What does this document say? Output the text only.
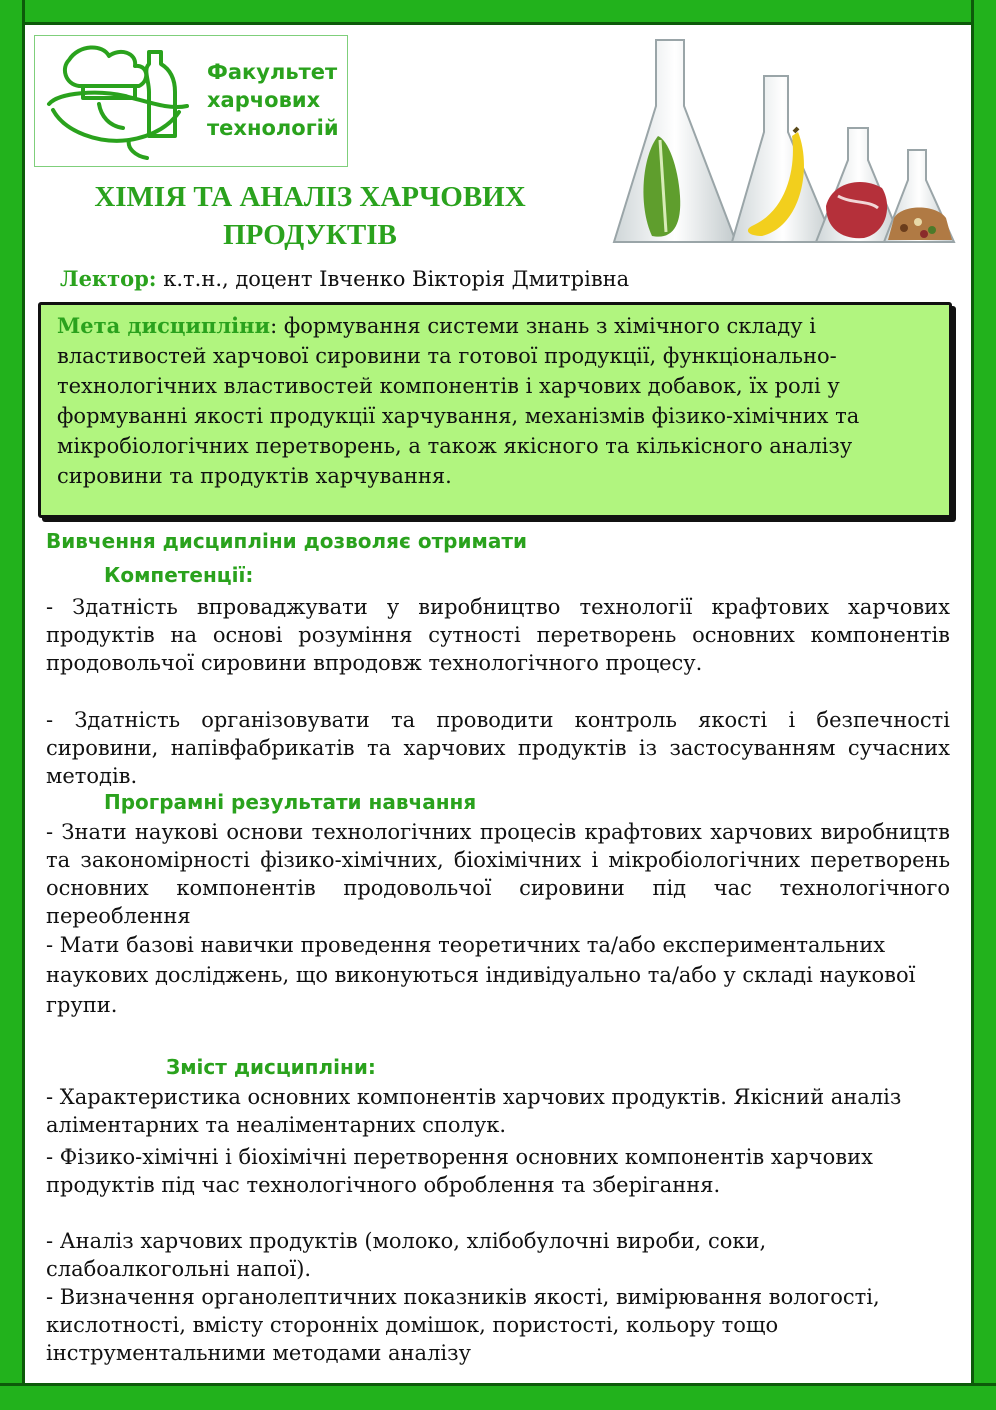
Факультет
харчових
технологій
ХІМІЯ ТА АНАЛІЗ ХАРЧОВИХ
ПРОДУКТІВ
Лектор: к.т.н., доцент Івченко Вікторія Дмитрівна
Мета дисципліни: формування системи знань з хімічного складу і властивостей харчової сировини та готової продукції, функціонально-технологічних властивостей компонентів і харчових добавок, їх ролі у формуванні якості продукції харчування, механізмів фізико-хімічних та мікробіологічних перетворень, а також якісного та кількісного аналізу сировини та продуктів харчування.
Вивчення дисципліни дозволяє отримати
Компетенції:
- Здатність впроваджувати у виробництво технології крафтових харчових продуктів на основі розуміння сутності перетворень основних компонентів продовольчої сировини впродовж технологічного процесу.
- Здатність організовувати та проводити контроль якості і безпечності сировини, напівфабрикатів та харчових продуктів із застосуванням сучасних методів.
Програмні результати навчання
- Знати наукові основи технологічних процесів крафтових харчових виробництв та закономірності фізико-хімічних, біохімічних і мікробіологічних перетворень основних компонентів продовольчої сировини під час технологічного переоблення
- Мати базові навички проведення теоретичних та/або експериментальних наукових досліджень, що виконуються індивідуально та/або у складі наукової групи.
Зміст дисципліни:
- Характеристика основних компонентів харчових продуктів. Якісний аналіз аліментарних та неаліментарних сполук.
- Фізико-хімічні і біохімічні перетворення основних компонентів харчових продуктів під час технологічного оброблення та зберігання.
- Аналіз харчових продуктів (молоко, хлібобулочні вироби, соки, слабоалкогольні напої).
- Визначення органолептичних показників якості, вимірювання вологості, кислотності, вмісту сторонніх домішок, пористості, кольору тощо інструментальними методами аналізу
